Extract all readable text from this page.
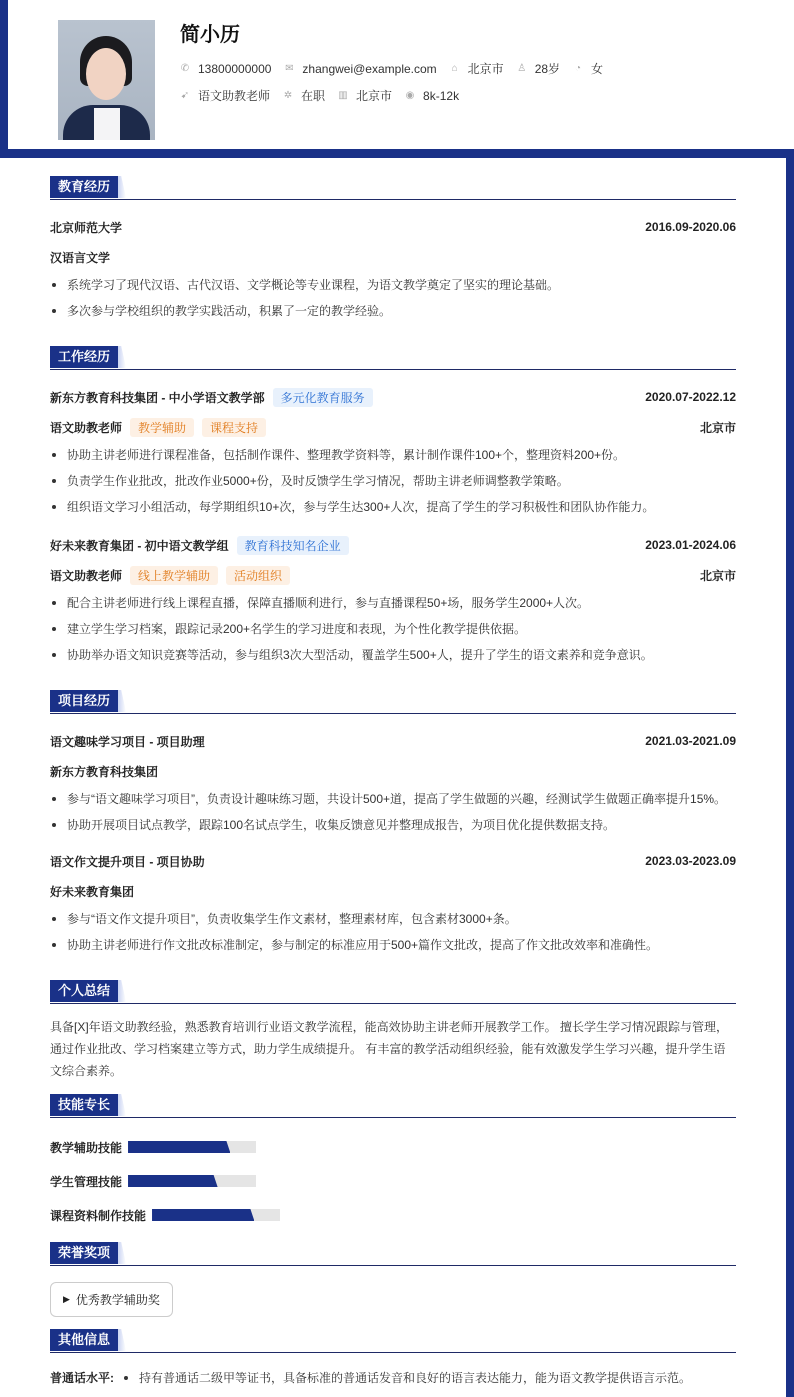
简小历
✆ 13800000000 ✉ zhangwei@example.com ⌂ 北京市 ♙ 28岁 ◔ 女
➹ 语文助教老师 ✲ 在职 ▥ 北京市 ◉ 8k-12k
教育经历
北京师范大学	2016.09-2020.06
汉语言文学
系统学习了现代汉语、古代汉语、文学概论等专业课程，为语文教学奠定了坚实的理论基础。
多次参与学校组织的教学实践活动，积累了一定的教学经验。
工作经历
新东方教育科技集团 - 中小学语文教学部	多元化教育服务	2020.07-2022.12
语文助教老师	教学辅助	课程支持	北京市
协助主讲老师进行课程准备，包括制作课件、整理教学资料等，累计制作课件100+个，整理资料200+份。
负责学生作业批改，批改作业5000+份，及时反馈学生学习情况，帮助主讲老师调整教学策略。
组织语文学习小组活动，每学期组织10+次，参与学生达300+人次，提高了学生的学习积极性和团队协作能力。
好未来教育集团 - 初中语文教学组	教育科技知名企业	2023.01-2024.06
语文助教老师	线上教学辅助	活动组织	北京市
配合主讲老师进行线上课程直播，保障直播顺利进行，参与直播课程50+场，服务学生2000+人次。
建立学生学习档案，跟踪记录200+名学生的学习进度和表现，为个性化教学提供依据。
协助举办语文知识竞赛等活动，参与组织3次大型活动，覆盖学生500+人，提升了学生的语文素养和竞争意识。
项目经历
语文趣味学习项目 - 项目助理	2021.03-2021.09
新东方教育科技集团
参与“语文趣味学习项目”，负责设计趣味练习题，共设计500+道，提高了学生做题的兴趣，经测试学生做题正确率提升15%。
协助开展项目试点教学，跟踪100名试点学生，收集反馈意见并整理成报告，为项目优化提供数据支持。
语文作文提升项目 - 项目协助	2023.03-2023.09
好未来教育集团
参与“语文作文提升项目”，负责收集学生作文素材，整理素材库，包含素材3000+条。
协助主讲老师进行作文批改标准制定，参与制定的标准应用于500+篇作文批改，提高了作文批改效率和准确性。
个人总结
具备[X]年语文助教经验，熟悉教育培训行业语文教学流程，能高效协助主讲老师开展教学工作。 擅长学生学习情况跟踪与管理，通过作业批改、学习档案建立等方式，助力学生成绩提升。 有丰富的教学活动组织经验，能有效激发学生学习兴趣，提升学生语文综合素养。
技能专长
教学辅助技能
学生管理技能
课程资料制作技能
荣誉奖项
▶ 优秀教学辅助奖
其他信息
普通话水平:	持有普通话二级甲等证书，具备标准的普通话发音和良好的语言表达能力，能为语文教学提供语言示范。
